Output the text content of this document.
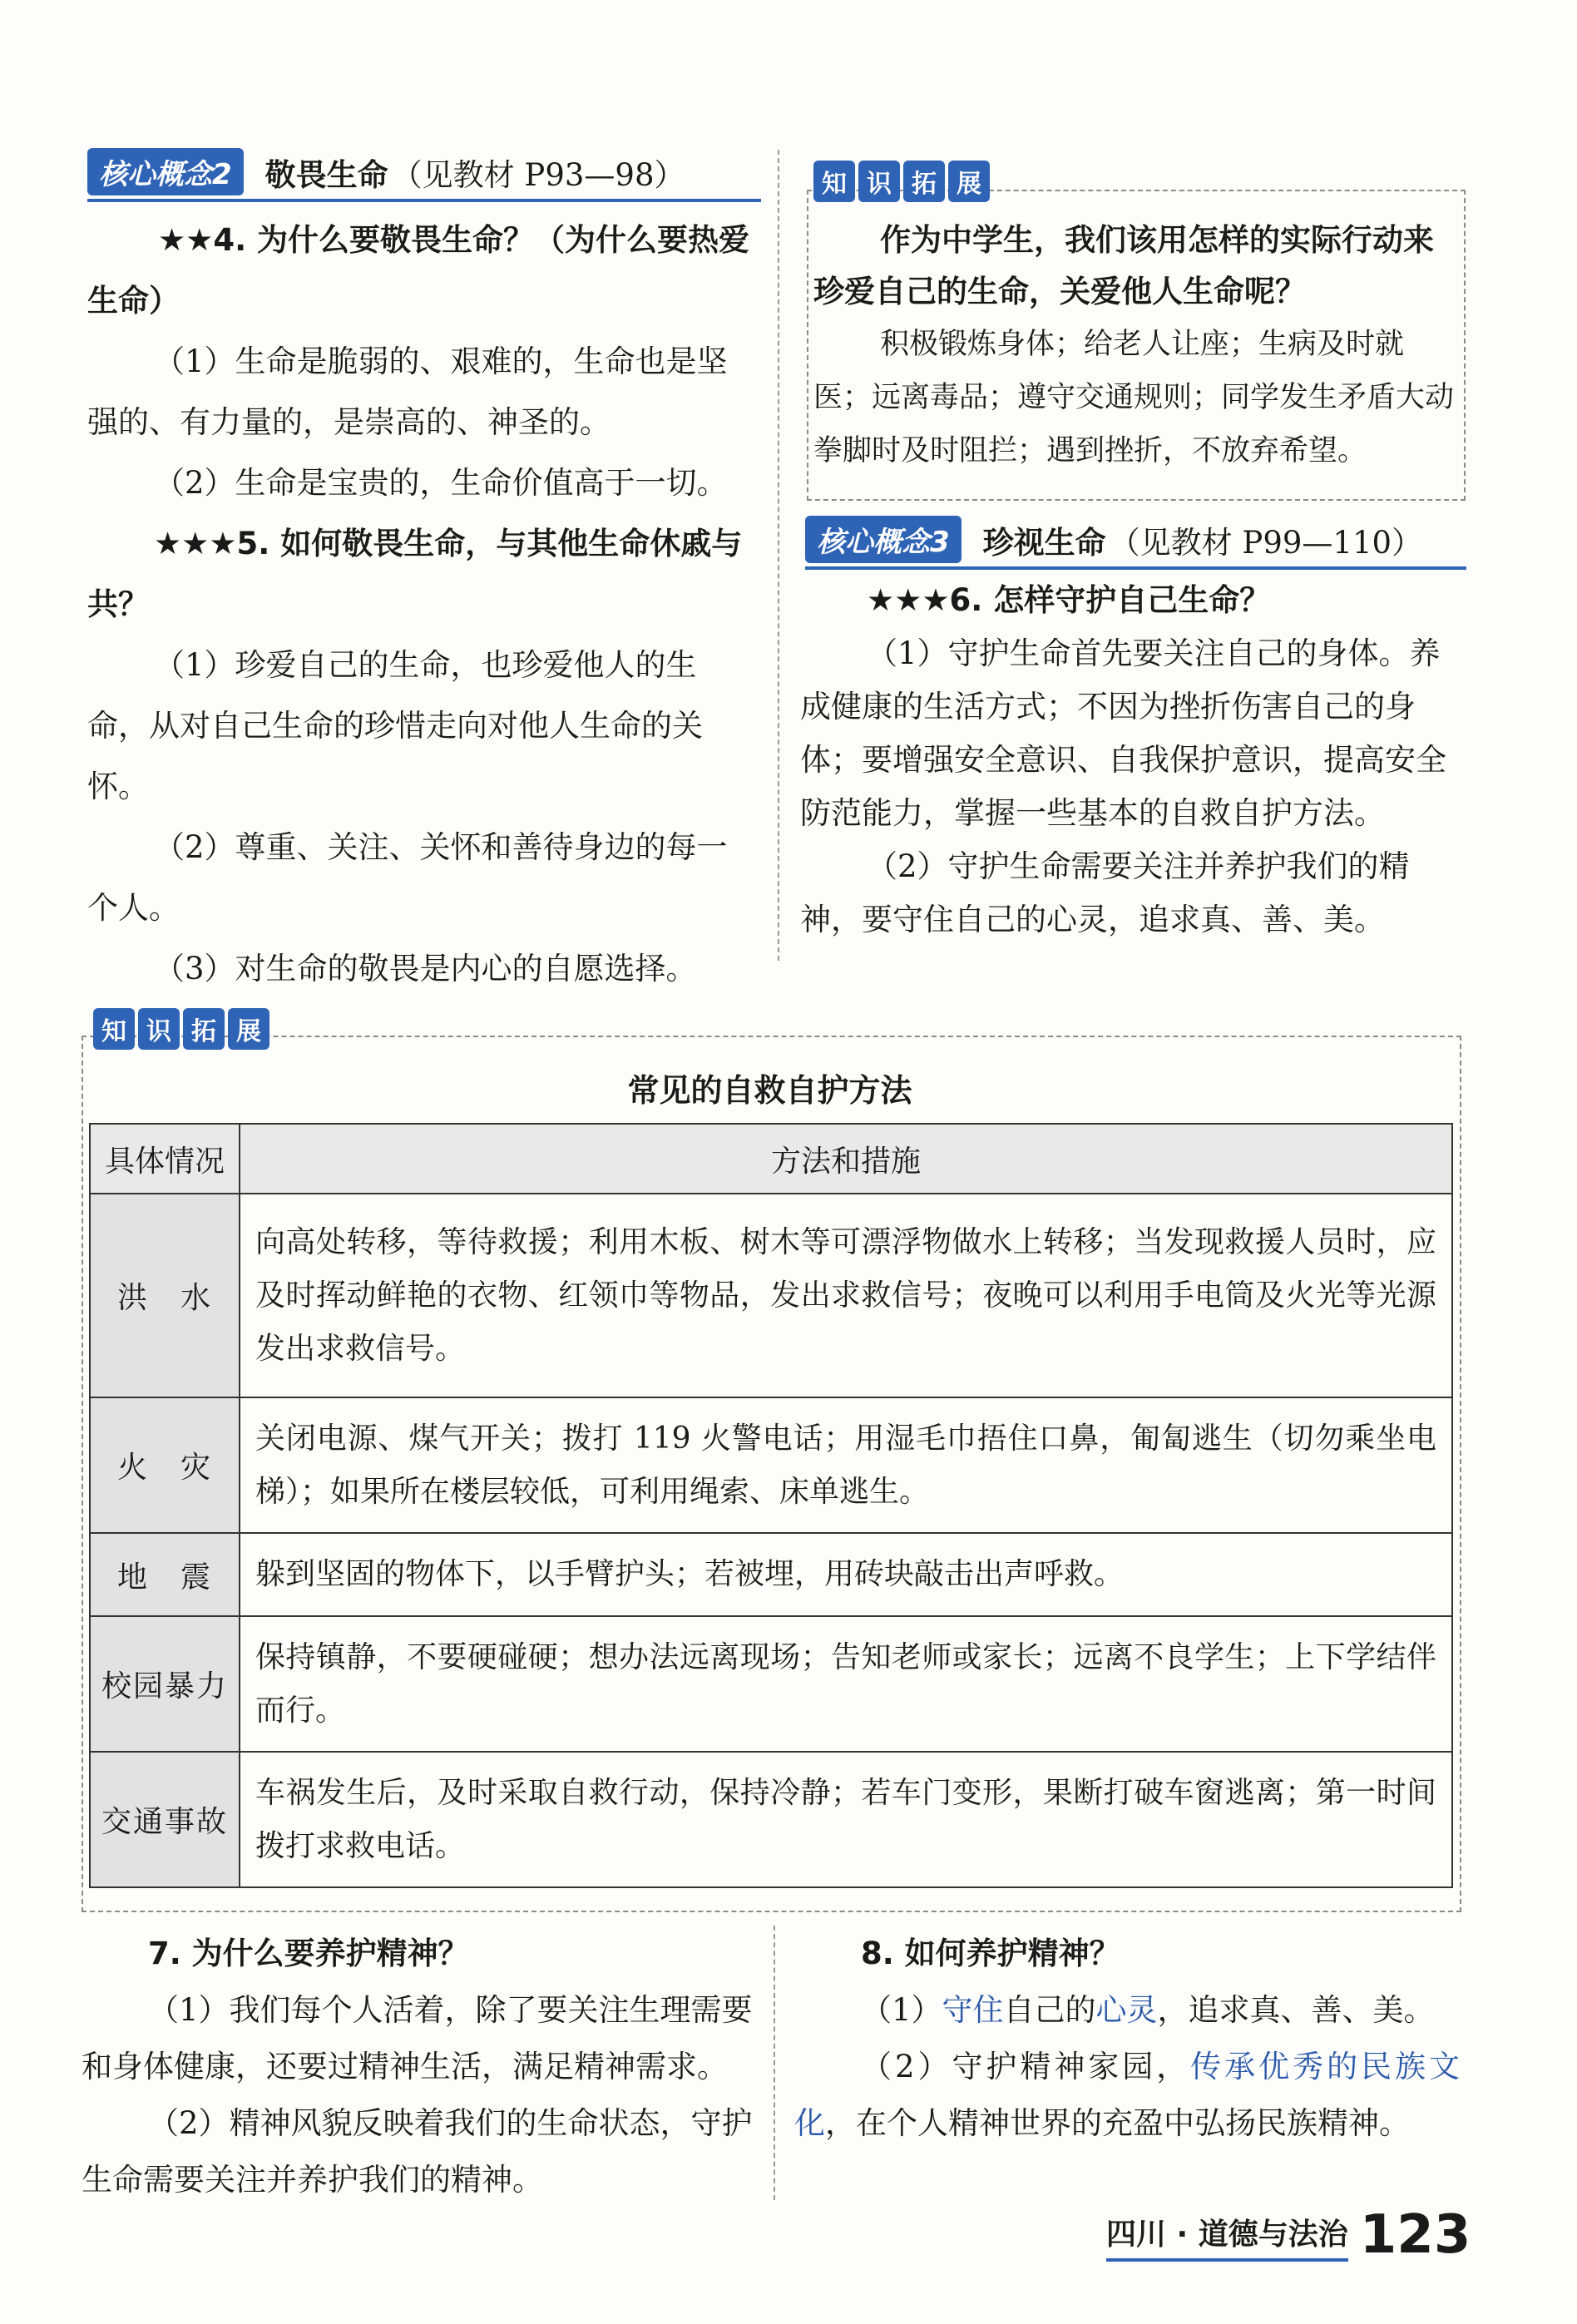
核心概念2	敬畏生命 （见教材 P93—98）

★★4. 为什么要敬畏生命？（为什么要热爱生命）

（1）生命是脆弱的、艰难的，生命也是坚强的、有力量的，是崇高的、神圣的。

（2）生命是宝贵的，生命价值高于一切。

★★★5. 如何敬畏生命，与其他生命休戚与共？

（1）珍爱自己的生命，也珍爱他人的生命，从对自己生命的珍惜走向对他人生命的关怀。

（2）尊重、关注、关怀和善待身边的每一个人。

（3）对生命的敬畏是内心的自愿选择。

知 识 拓 展

作为中学生，我们该用怎样的实际行动来珍爱自己的生命，关爱他人生命呢？

积极锻炼身体；给老人让座；生病及时就医；远离毒品；遵守交通规则；同学发生矛盾大动拳脚时及时阻拦；遇到挫折，不放弃希望。

核心概念3	珍视生命 （见教材 P99—110）

★★★6. 怎样守护自己生命？

（1）守护生命首先要关注自己的身体。养成健康的生活方式；不因为挫折伤害自己的身体；要增强安全意识、自我保护意识，提高安全防范能力，掌握一些基本的自救自护方法。

（2）守护生命需要关注并养护我们的精神，要守住自己的心灵，追求真、善、美。

知 识 拓 展
常见的自救自护方法
具体情况	方法和措施
洪　水	向高处转移，等待救援；利用木板、树木等可漂浮物做水上转移；当发现救援人员时，应及时挥动鲜艳的衣物、红领巾等物品，发出求救信号；夜晚可以利用手电筒及火光等光源发出求救信号。
火　灾	关闭电源、煤气开关；拨打 119 火警电话；用湿毛巾捂住口鼻，匍匐逃生（切勿乘坐电梯）；如果所在楼层较低，可利用绳索、床单逃生。
地　震	躲到坚固的物体下，以手臂护头；若被埋，用砖块敲击出声呼救。
校园暴力	保持镇静，不要硬碰硬；想办法远离现场；告知老师或家长；远离不良学生；上下学结伴而行。
交通事故	车祸发生后，及时采取自救行动，保持冷静；若车门变形，果断打破车窗逃离；第一时间拨打求救电话。

7. 为什么要养护精神？

（1）我们每个人活着，除了要关注生理需要和身体健康，还要过精神生活，满足精神需求。

（2）精神风貌反映着我们的生命状态，守护生命需要关注并养护我们的精神。

8. 如何养护精神？

（1）守住自己的心灵，追求真、善、美。

（2）守护精神家园，传承优秀的民族文化，在个人精神世界的充盈中弘扬民族精神。

四川 · 道德与法治 123
